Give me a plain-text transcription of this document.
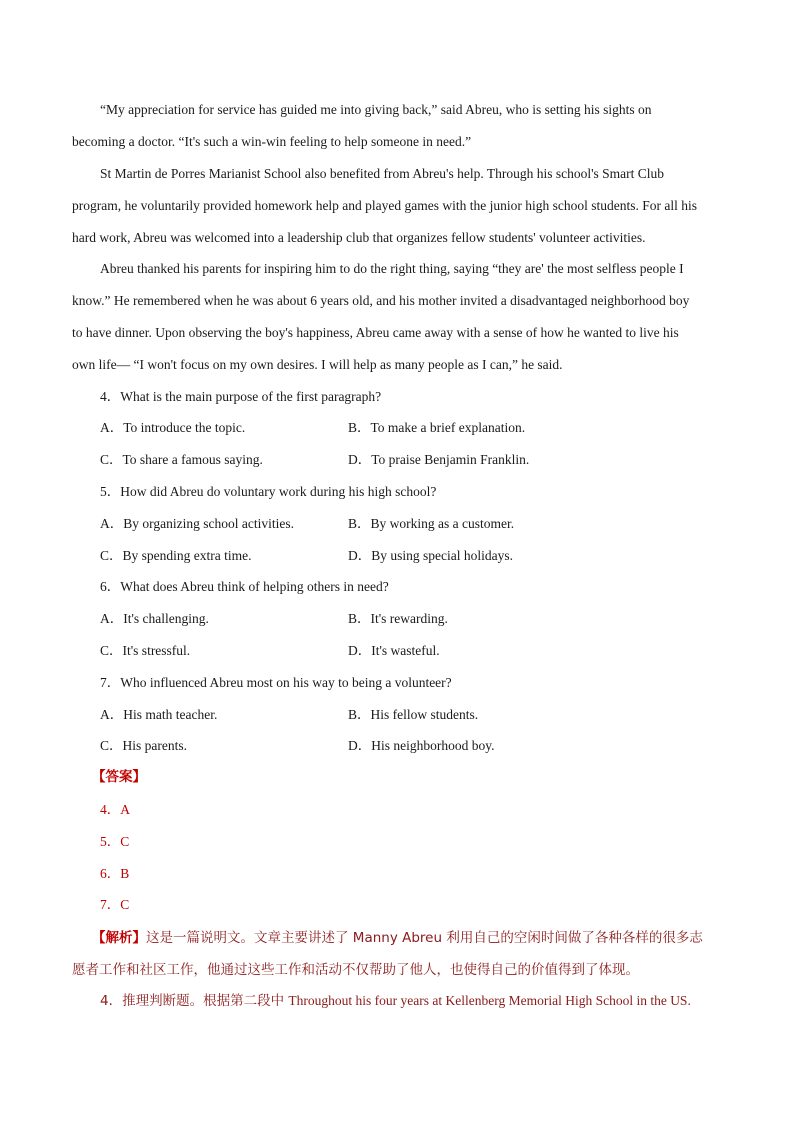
“My appreciation for service has guided me into giving back,” said Abreu, who is setting his sights on
becoming a doctor. “It's such a win-win feeling to help someone in need.”
St Martin de Porres Marianist School also benefited from Abreu's help. Through his school's Smart Club
program, he voluntarily provided homework help and played games with the junior high school students. For all his
hard work, Abreu was welcomed into a leadership club that organizes fellow students' volunteer activities.
Abreu thanked his parents for inspiring him to do the right thing, saying “they are' the most selfless people I
know.” He remembered when he was about 6 years old, and his mother invited a disadvantaged neighborhood boy
to have dinner. Upon observing the boy's happiness, Abreu came away with a sense of how he wanted to live his
own life— “I won't focus on my own desires. I will help as many people as I can,” he said.
4．What is the main purpose of the first paragraph?
A．To introduce the topic.	B．To make a brief explanation.
C．To share a famous saying.	D．To praise Benjamin Franklin.
5．How did Abreu do voluntary work during his high school?
A．By organizing school activities.	B．By working as a customer.
C．By spending extra time.	D．By using special holidays.
6．What does Abreu think of helping others in need?
A．It's challenging.	B．It's rewarding.
C．It's stressful.	D．It's wasteful.
7．Who influenced Abreu most on his way to being a volunteer?
A．His math teacher.	B．His fellow students.
C．His parents.	D．His neighborhood boy.
【答案】
4．A
5．C
6．B
7．C
【解析】这是一篇说明文。文章主要讲述了 Manny Abreu 利用自己的空闲时间做了各种各样的很多志
愿者工作和社区工作，他通过这些工作和活动不仅帮助了他人，也使得自己的价值得到了体现。
4．推理判断题。根据第二段中 Throughout his four years at Kellenberg Memorial High School in the US.
